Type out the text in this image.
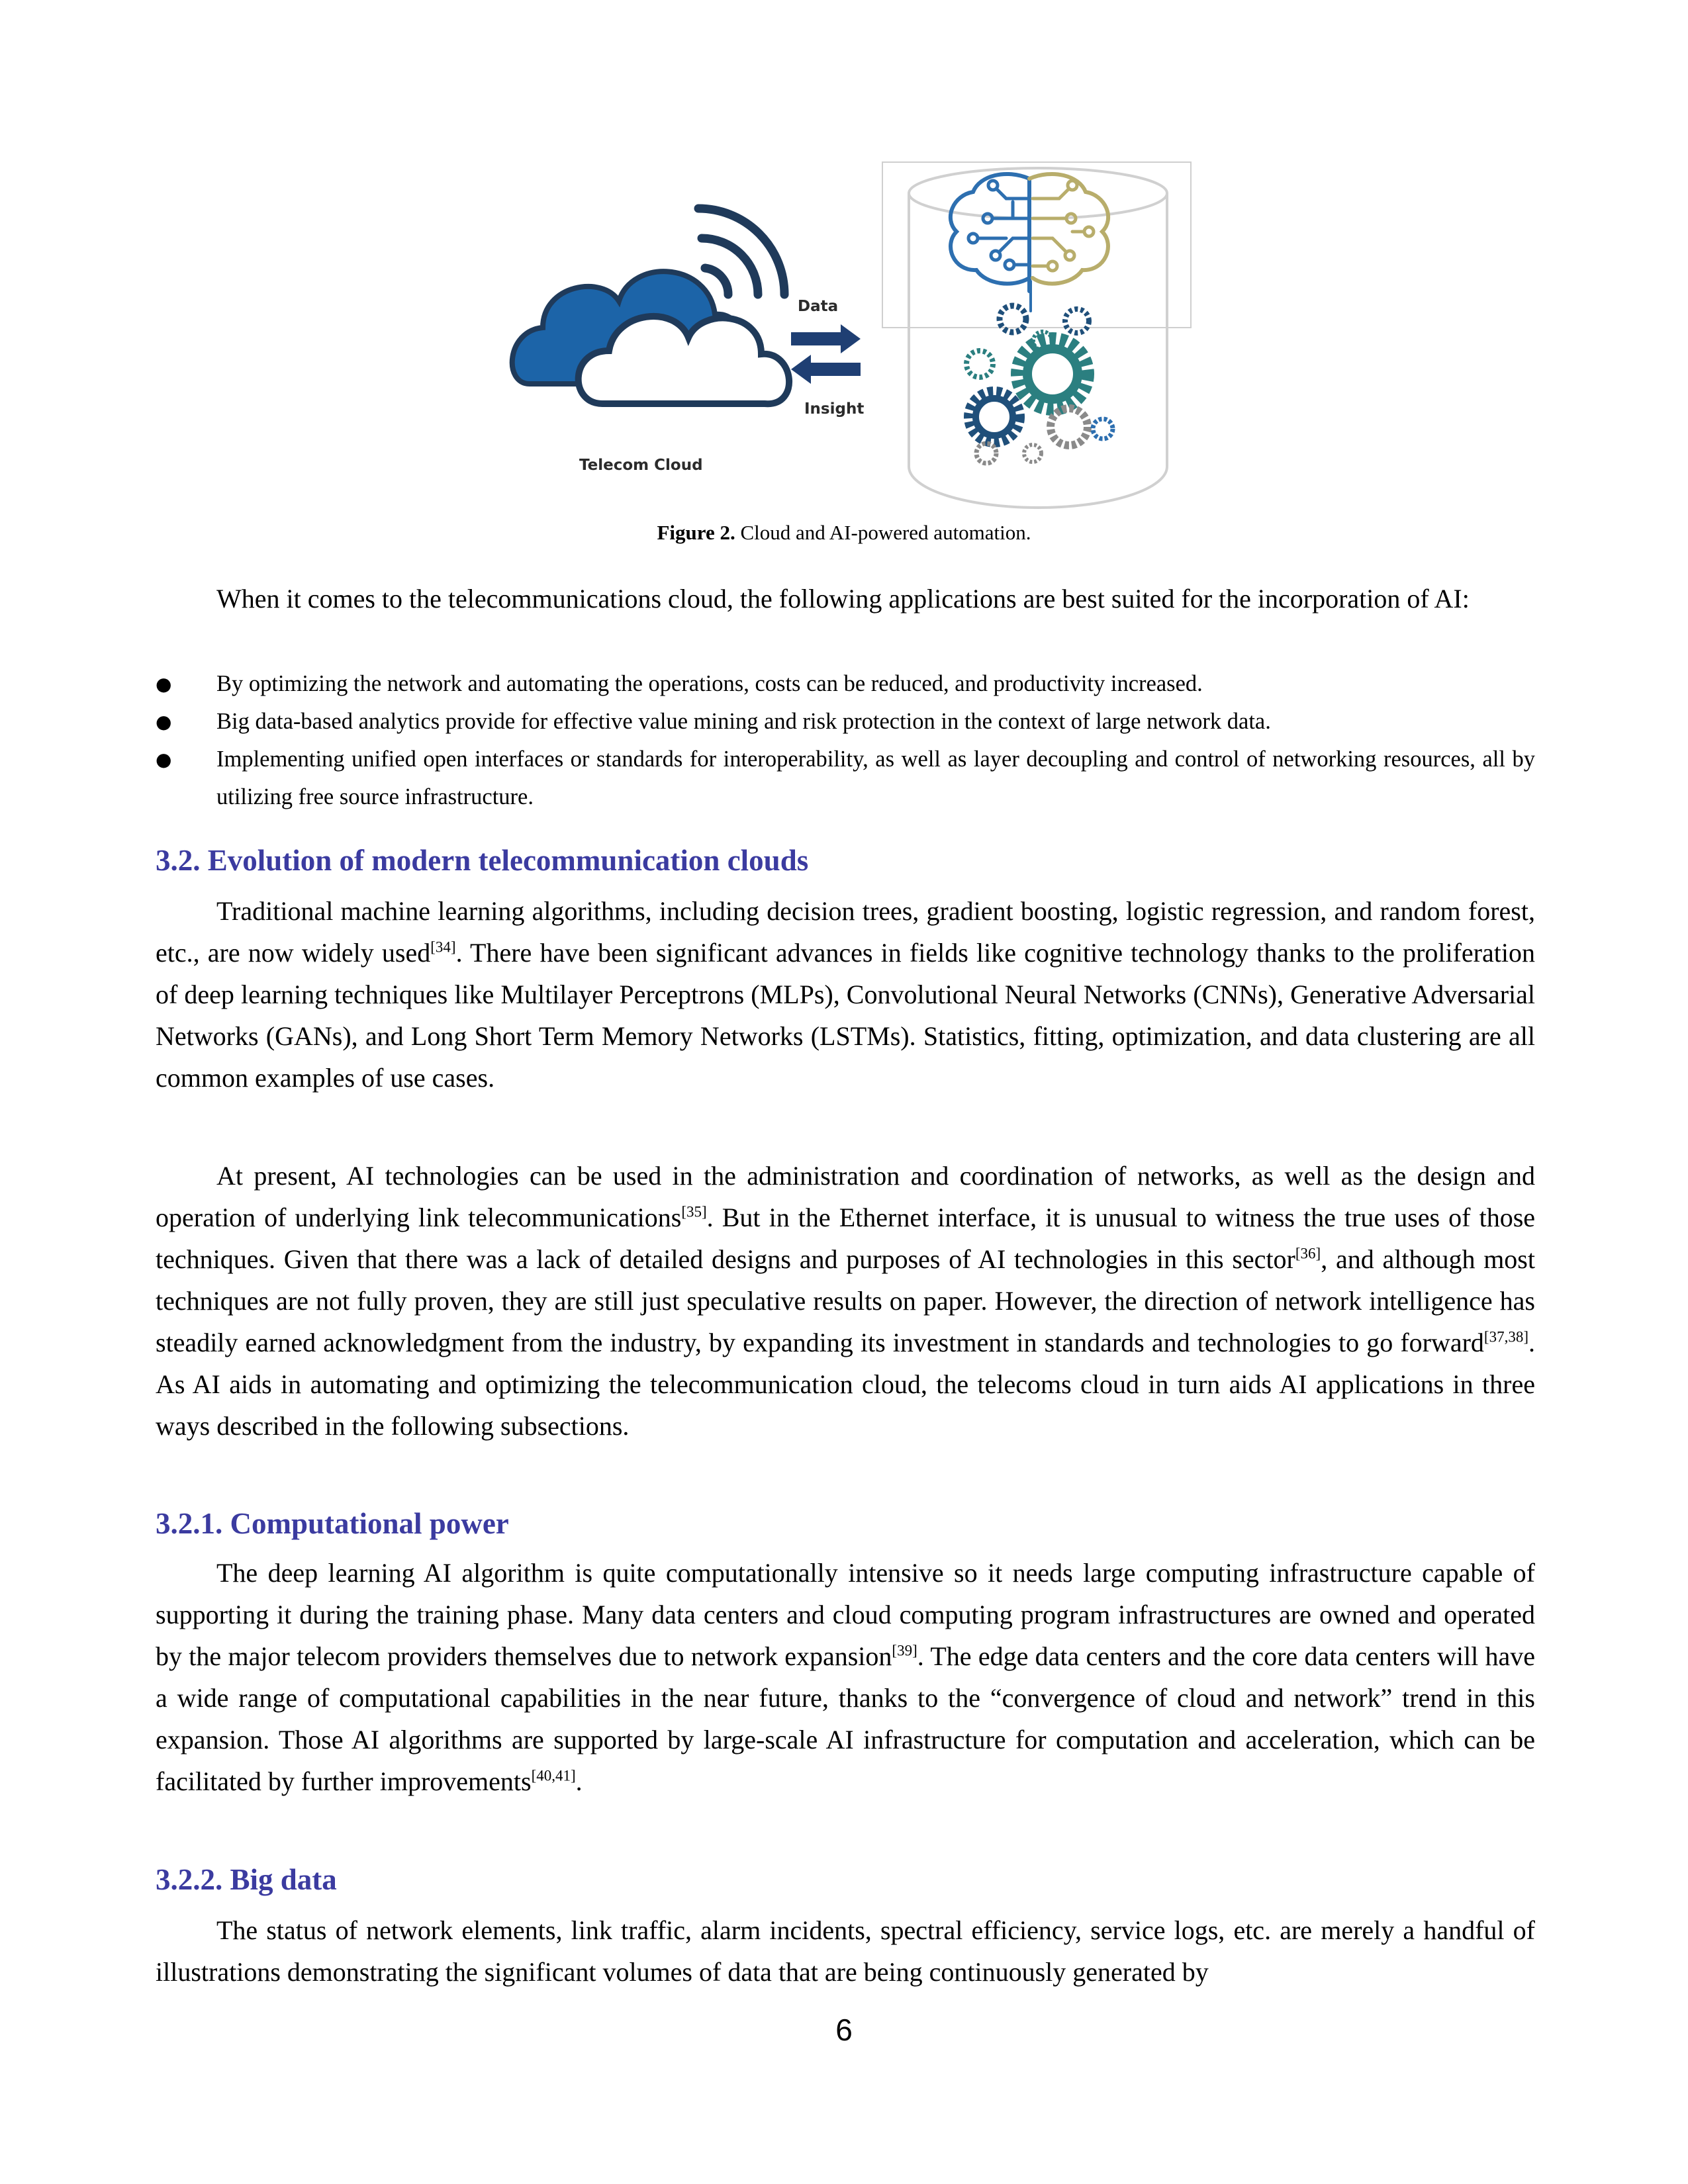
Data
Insight
Telecom Cloud
Figure 2. Cloud and AI-powered automation.

When it comes to the telecommunications cloud, the following applications are best suited for the incorporation of AI:

● By optimizing the network and automating the operations, costs can be reduced, and productivity increased.
● Big data-based analytics provide for effective value mining and risk protection in the context of large network data.
● Implementing unified open interfaces or standards for interoperability, as well as layer decoupling and control of networking resources, all by utilizing free source infrastructure.
3.2. Evolution of modern telecommunication clouds

Traditional machine learning algorithms, including decision trees, gradient boosting, logistic regression, and random forest, etc., are now widely used[34]. There have been significant advances in fields like cognitive technology thanks to the proliferation of deep learning techniques like Multilayer Perceptrons (MLPs), Convolutional Neural Networks (CNNs), Generative Adversarial Networks (GANs), and Long Short Term Memory Networks (LSTMs). Statistics, fitting, optimization, and data clustering are all common examples of use cases.

At present, AI technologies can be used in the administration and coordination of networks, as well as the design and operation of underlying link telecommunications[35]. But in the Ethernet interface, it is unusual to witness the true uses of those techniques. Given that there was a lack of detailed designs and purposes of AI technologies in this sector[36], and although most techniques are not fully proven, they are still just speculative results on paper. However, the direction of network intelligence has steadily earned acknowledgment from the industry, by expanding its investment in standards and technologies to go forward[37,38]. As AI aids in automating and optimizing the telecommunication cloud, the telecoms cloud in turn aids AI applications in three ways described in the following subsections.

3.2.1. Computational power

The deep learning AI algorithm is quite computationally intensive so it needs large computing infrastructure capable of supporting it during the training phase. Many data centers and cloud computing program infrastructures are owned and operated by the major telecom providers themselves due to network expansion[39]. The edge data centers and the core data centers will have a wide range of computational capabilities in the near future, thanks to the “convergence of cloud and network” trend in this expansion. Those AI algorithms are supported by large-scale AI infrastructure for computation and acceleration, which can be facilitated by further improvements[40,41].

3.2.2. Big data

The status of network elements, link traffic, alarm incidents, spectral efficiency, service logs, etc. are merely a handful of illustrations demonstrating the significant volumes of data that are being continuously generated by

6
